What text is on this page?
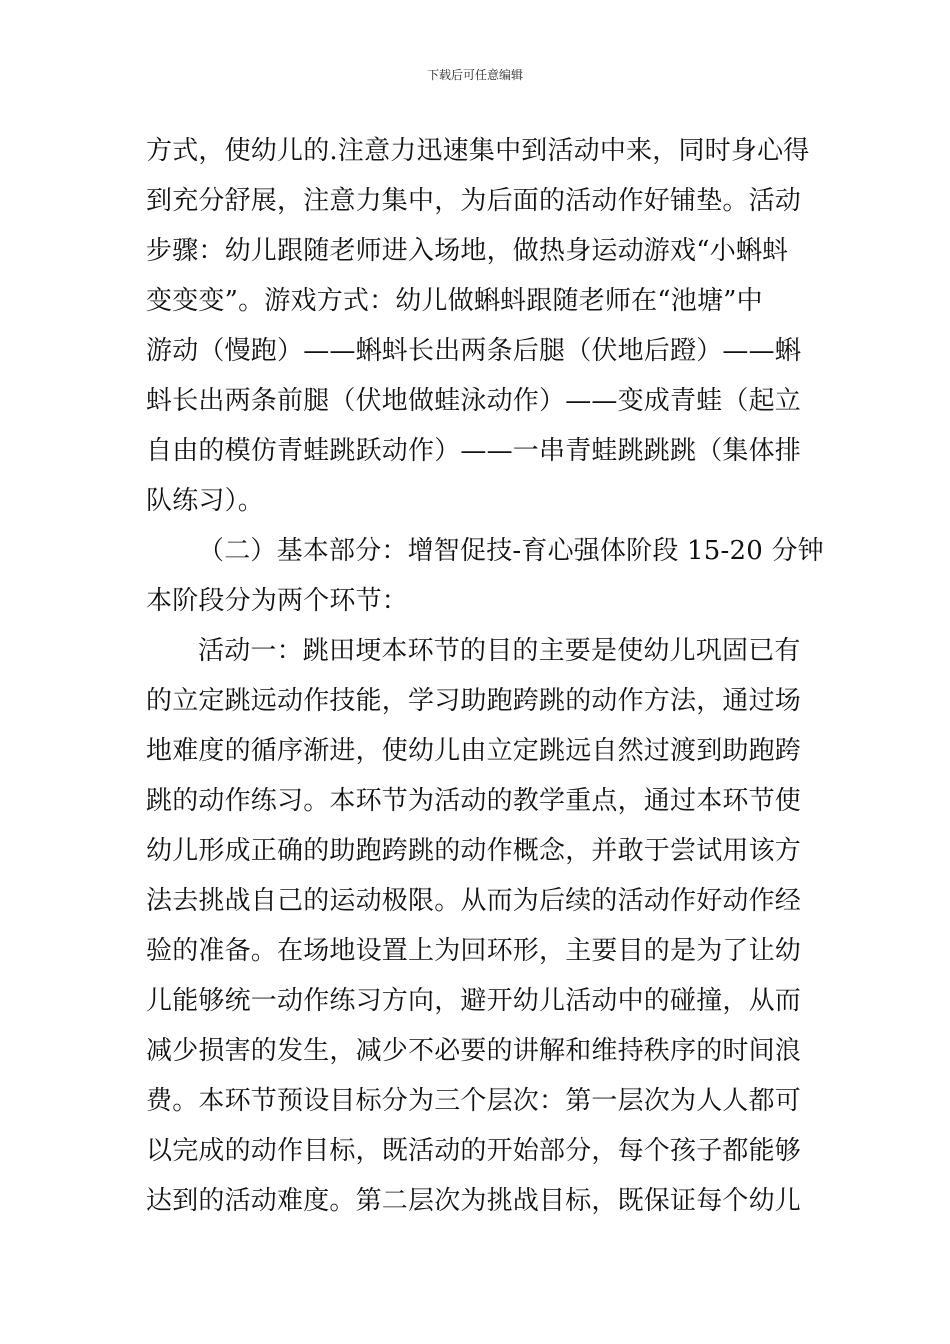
下载后可任意编辑
方式，使幼儿的.注意力迅速集中到活动中来，同时身心得
到充分舒展，注意力集中，为后面的活动作好铺垫。活动
步骤：幼儿跟随老师进入场地，做热身运动游戏“小蝌蚪
变变变”。游戏方式：幼儿做蝌蚪跟随老师在“池塘”中
游动（慢跑）——蝌蚪长出两条后腿（伏地后蹬）——蝌
蚪长出两条前腿（伏地做蛙泳动作）——变成青蛙（起立
自由的模仿青蛙跳跃动作）——一串青蛙跳跳跳（集体排
队练习）。
（二）基本部分：增智促技-育心强体阶段 15-20 分钟
本阶段分为两个环节：
活动一：跳田埂本环节的目的主要是使幼儿巩固已有
的立定跳远动作技能，学习助跑跨跳的动作方法，通过场
地难度的循序渐进，使幼儿由立定跳远自然过渡到助跑跨
跳的动作练习。本环节为活动的教学重点，通过本环节使
幼儿形成正确的助跑跨跳的动作概念，并敢于尝试用该方
法去挑战自己的运动极限。从而为后续的活动作好动作经
验的准备。在场地设置上为回环形，主要目的是为了让幼
儿能够统一动作练习方向，避开幼儿活动中的碰撞，从而
减少损害的发生，减少不必要的讲解和维持秩序的时间浪
费。本环节预设目标分为三个层次：第一层次为人人都可
以完成的动作目标，既活动的开始部分，每个孩子都能够
达到的活动难度。第二层次为挑战目标，既保证每个幼儿
